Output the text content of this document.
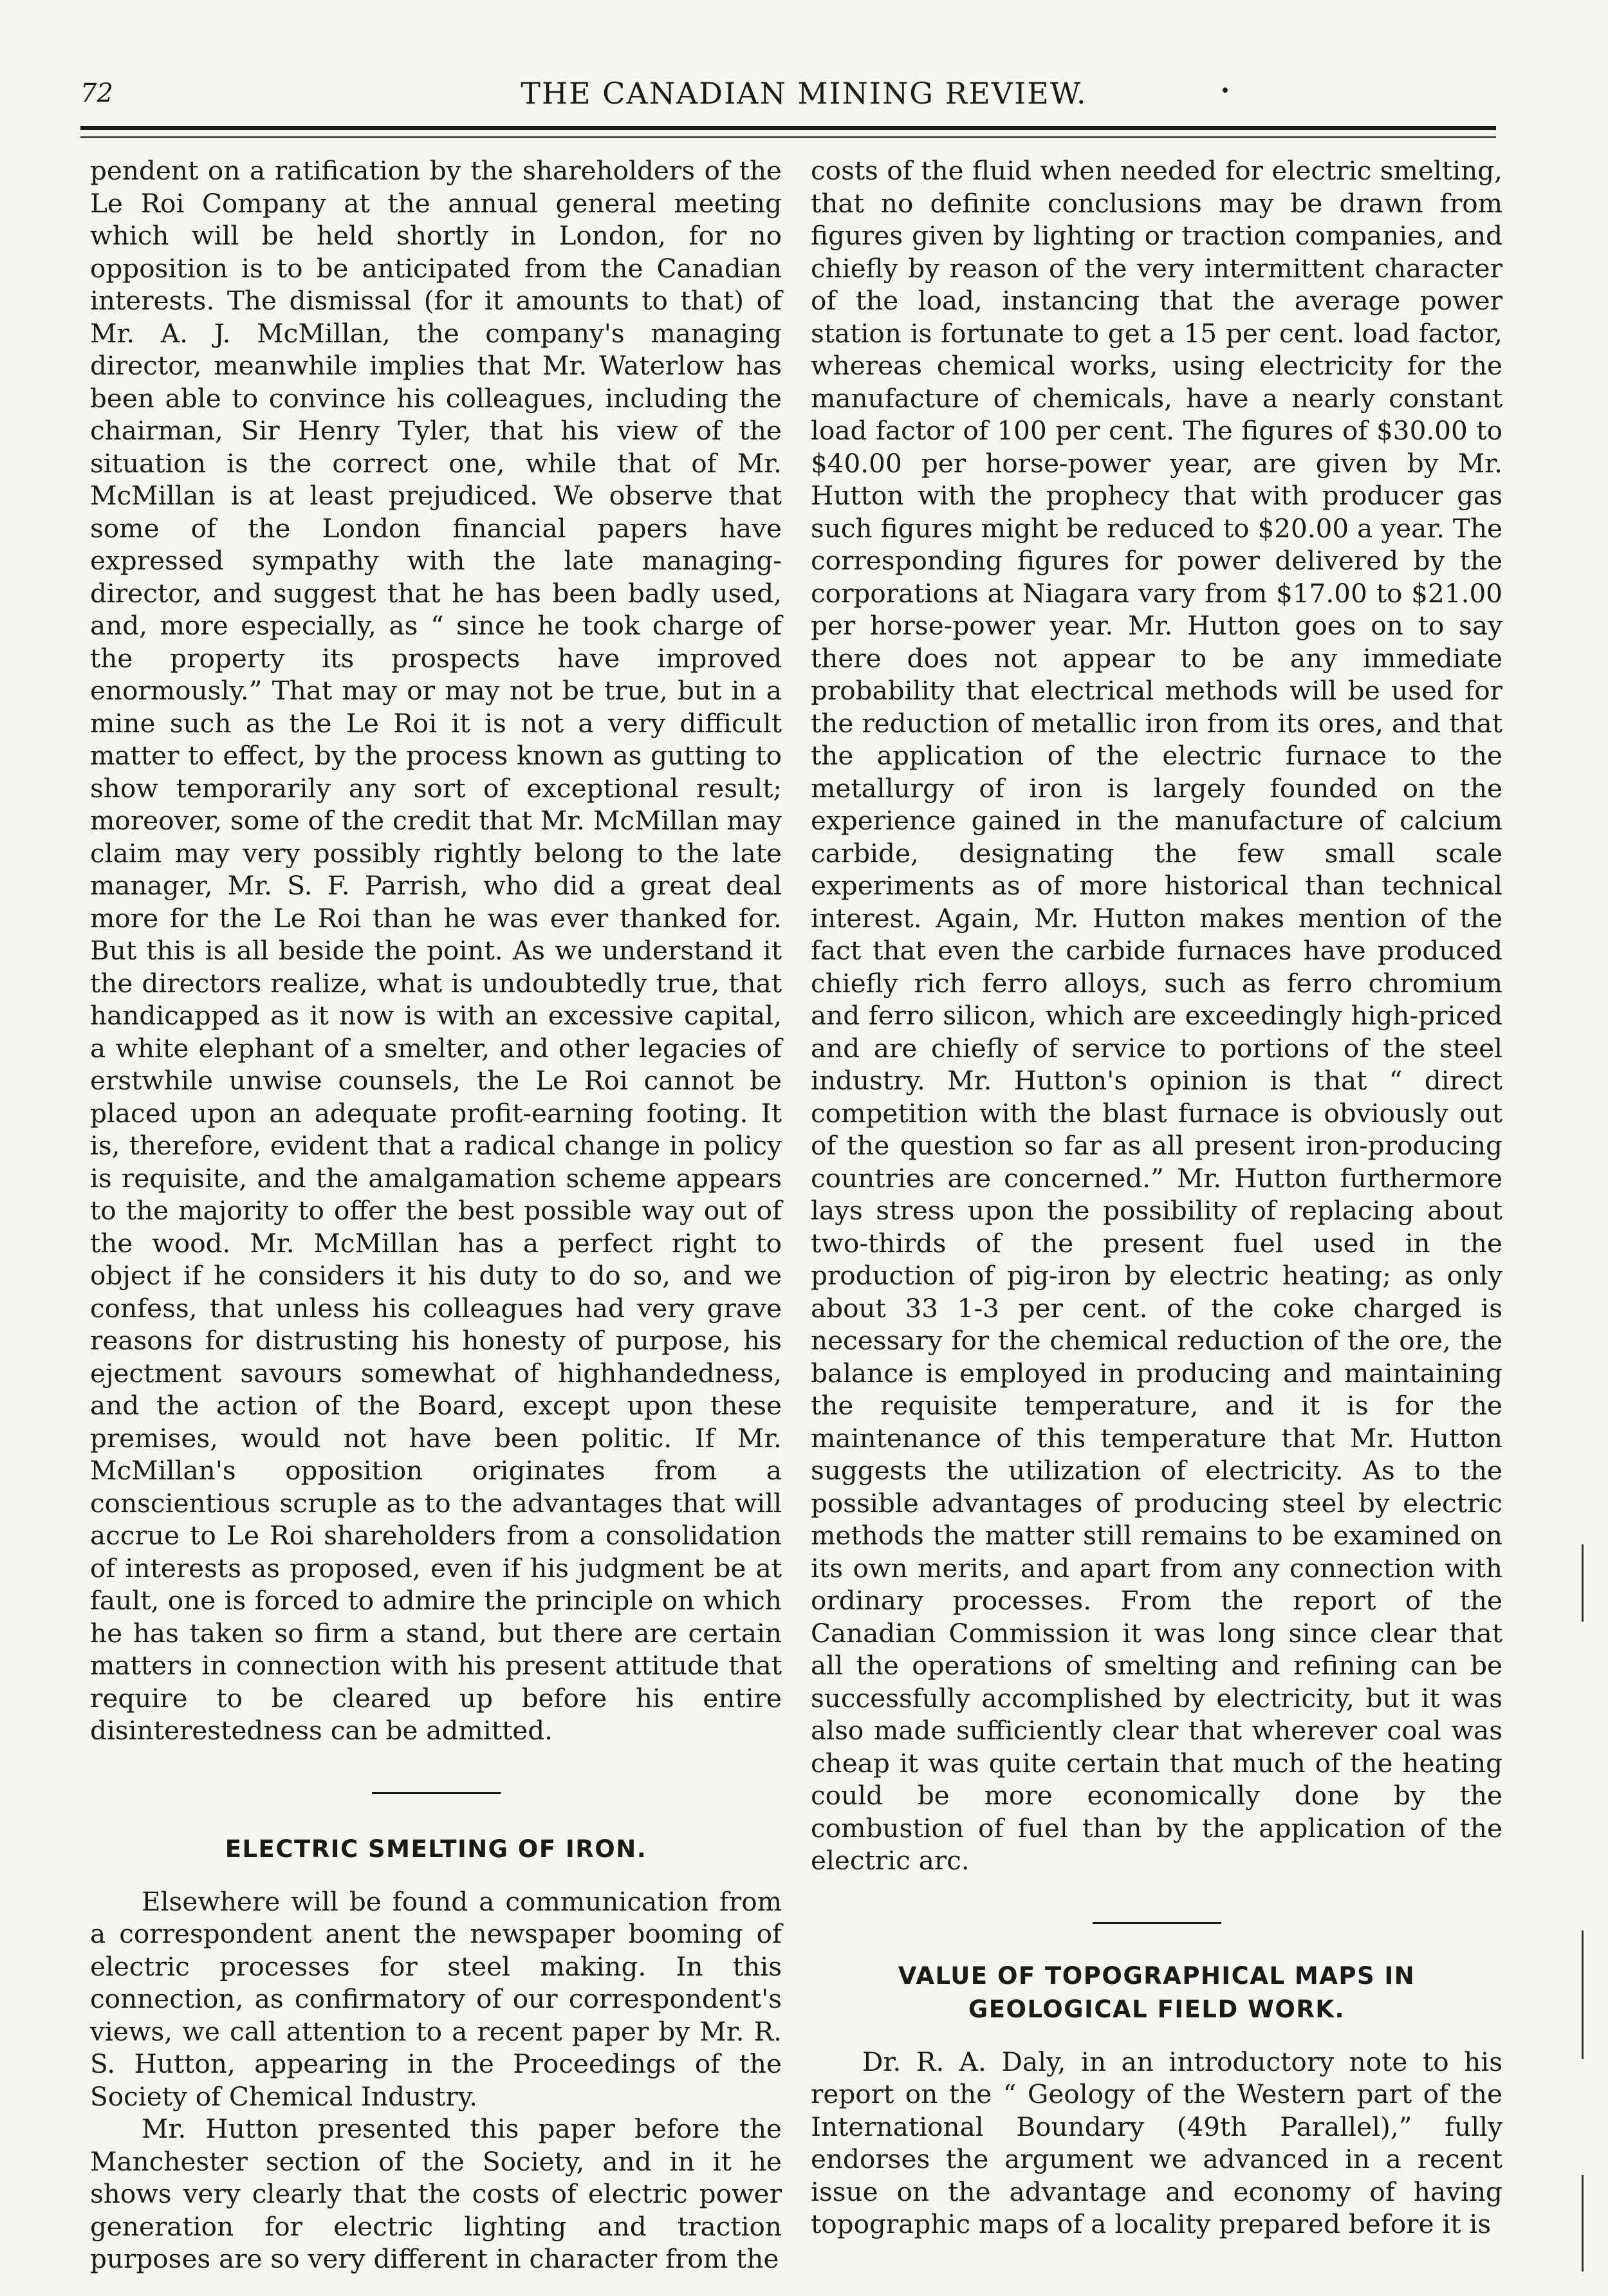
72	THE CANADIAN MINING REVIEW.

pendent on a ratification by the shareholders of the Le Roi Company at the annual general meeting which will be held shortly in London, for no opposition is to be anticipated from the Canadian interests. The dismissal (for it amounts to that) of Mr. A. J. McMillan, the company's managing director, meanwhile implies that Mr. Waterlow has been able to convince his colleagues, including the chairman, Sir Henry Tyler, that his view of the situation is the correct one, while that of Mr. McMillan is at least prejudiced. We observe that some of the London financial papers have expressed sympathy with the late managing-director, and suggest that he has been badly used, and, more especially, as “ since he took charge of the property its prospects have improved enormously.” That may or may not be true, but in a mine such as the Le Roi it is not a very difficult matter to effect, by the process known as gutting to show temporarily any sort of exceptional result; moreover, some of the credit that Mr. McMillan may claim may very possibly rightly belong to the late manager, Mr. S. F. Parrish, who did a great deal more for the Le Roi than he was ever thanked for. But this is all beside the point. As we understand it the directors realize, what is undoubtedly true, that handicapped as it now is with an excessive capital, a white elephant of a smelter, and other legacies of erstwhile unwise counsels, the Le Roi cannot be placed upon an adequate profit-earning footing. It is, therefore, evident that a radical change in policy is requisite, and the amalgamation scheme appears to the majority to offer the best possible way out of the wood. Mr. McMillan has a perfect right to object if he considers it his duty to do so, and we confess, that unless his colleagues had very grave reasons for distrusting his honesty of purpose, his ejectment savours somewhat of highhandedness, and the action of the Board, except upon these premises, would not have been politic. If Mr. McMillan's opposition originates from a conscientious scruple as to the advantages that will accrue to Le Roi shareholders from a consolidation of interests as proposed, even if his judgment be at fault, one is forced to admire the principle on which he has taken so firm a stand, but there are certain matters in connection with his present attitude that require to be cleared up before his entire disinterestedness can be admitted.

ELECTRIC SMELTING OF IRON.

Elsewhere will be found a communication from a correspondent anent the newspaper booming of electric processes for steel making. In this connection, as confirmatory of our correspondent's views, we call attention to a recent paper by Mr. R. S. Hutton, appearing in the Proceedings of the Society of Chemical Industry.

Mr. Hutton presented this paper before the Manchester section of the Society, and in it he shows very clearly that the costs of electric power generation for electric lighting and traction purposes are so very different in character from the

costs of the fluid when needed for electric smelting, that no definite conclusions may be drawn from figures given by lighting or traction companies, and chiefly by reason of the very intermittent character of the load, instancing that the average power station is fortunate to get a 15 per cent. load factor, whereas chemical works, using electricity for the manufacture of chemicals, have a nearly constant load factor of 100 per cent. The figures of $30.00 to $40.00 per horse-power year, are given by Mr. Hutton with the prophecy that with producer gas such figures might be reduced to $20.00 a year. The corresponding figures for power delivered by the corporations at Niagara vary from $17.00 to $21.00 per horse-power year. Mr. Hutton goes on to say there does not appear to be any immediate probability that electrical methods will be used for the reduction of metallic iron from its ores, and that the application of the electric furnace to the metallurgy of iron is largely founded on the experience gained in the manufacture of calcium carbide, designating the few small scale experiments as of more historical than technical interest. Again, Mr. Hutton makes mention of the fact that even the carbide furnaces have produced chiefly rich ferro alloys, such as ferro chromium and ferro silicon, which are exceedingly high-priced and are chiefly of service to portions of the steel industry. Mr. Hutton's opinion is that “ direct competition with the blast furnace is obviously out of the question so far as all present iron-producing countries are concerned.” Mr. Hutton furthermore lays stress upon the possibility of replacing about two-thirds of the present fuel used in the production of pig-iron by electric heating; as only about 33 1-3 per cent. of the coke charged is necessary for the chemical reduction of the ore, the balance is employed in producing and maintaining the requisite temperature, and it is for the maintenance of this temperature that Mr. Hutton suggests the utilization of electricity. As to the possible advantages of producing steel by electric methods the matter still remains to be examined on its own merits, and apart from any connection with ordinary processes. From the report of the Canadian Commission it was long since clear that all the operations of smelting and refining can be successfully accomplished by electricity, but it was also made sufficiently clear that wherever coal was cheap it was quite certain that much of the heating could be more economically done by the combustion of fuel than by the application of the electric arc.

VALUE OF TOPOGRAPHICAL MAPS IN
GEOLOGICAL FIELD WORK.

Dr. R. A. Daly, in an introductory note to his report on the “ Geology of the Western part of the International Boundary (49th Parallel),” fully endorses the argument we advanced in a recent issue on the advantage and economy of having topographic maps of a locality prepared before it is
